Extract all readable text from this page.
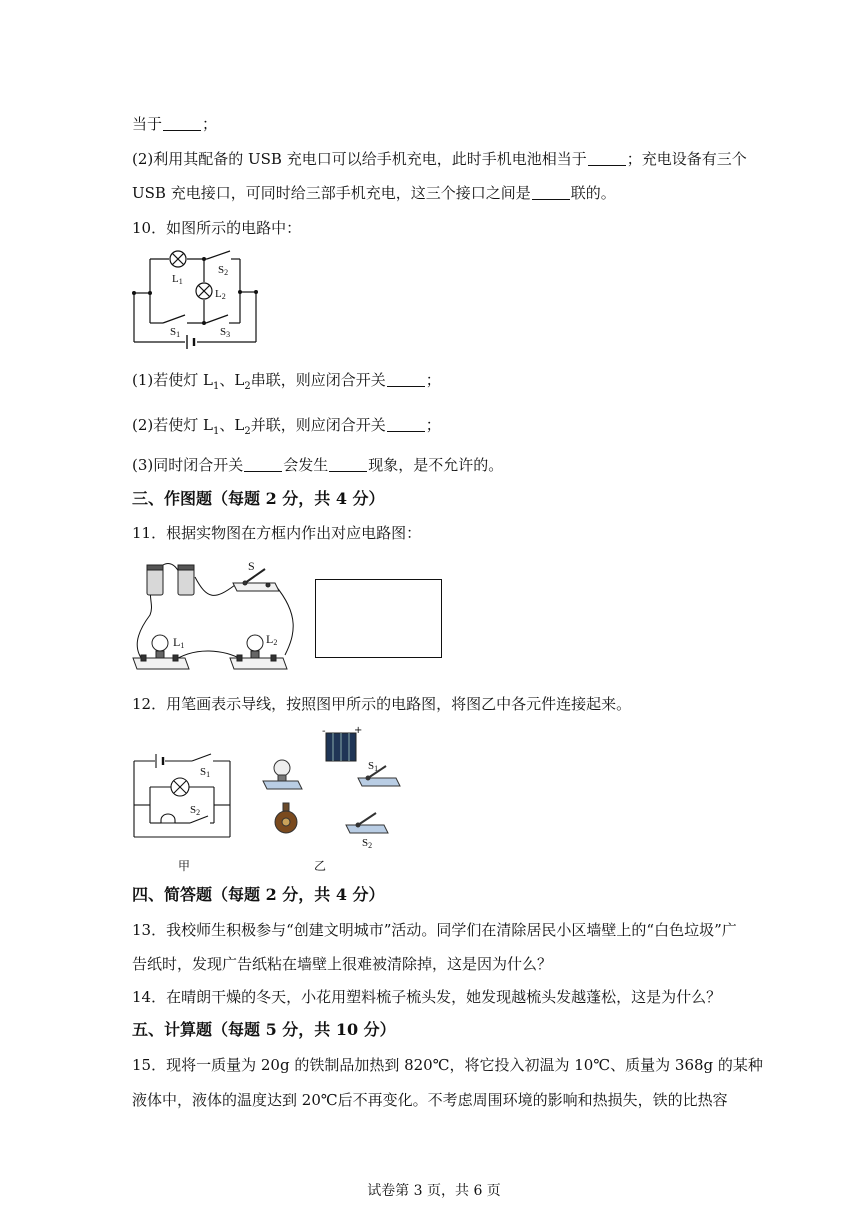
当于	；
(2)利用其配备的 USB 充电口可以给手机充电，此时手机电池相当于	；充电设备有三个
USB 充电接口，可同时给三部手机充电，这三个接口之间是	联的。
10．如图所示的电路中：
L1
L2
S2
S1	S3
(1)若使灯 $L_1$、$L_2$串联，则应闭合开关	；
(2)若使灯 $L_1$、$L_2$并联，则应闭合开关	；
(3)同时闭合开关	会发生	现象，是不允许的。
三、作图题（每题 2 分，共 4 分）
11．根据实物图在方框内作出对应电路图：
S
L1	L2
12．用笔画表示导线，按照图甲所示的电路图，将图乙中各元件连接起来。
S1
S2
甲
-	+
S1
S2
乙
四、简答题（每题 2 分，共 4 分）
13．我校师生积极参与“创建文明城市”活动。同学们在清除居民小区墙壁上的“白色垃圾”广
告纸时，发现广告纸粘在墙壁上很难被清除掉，这是因为什么？
14．在晴朗干燥的冬天，小花用塑料梳子梳头发，她发现越梳头发越蓬松，这是为什么？
五、计算题（每题 5 分，共 10 分）
15．现将一质量为 20g 的铁制品加热到 820℃，将它投入初温为 10℃、质量为 368g 的某种
液体中，液体的温度达到 20℃后不再变化。不考虑周围环境的影响和热损失，铁的比热容
试卷第 3 页，共 6 页
